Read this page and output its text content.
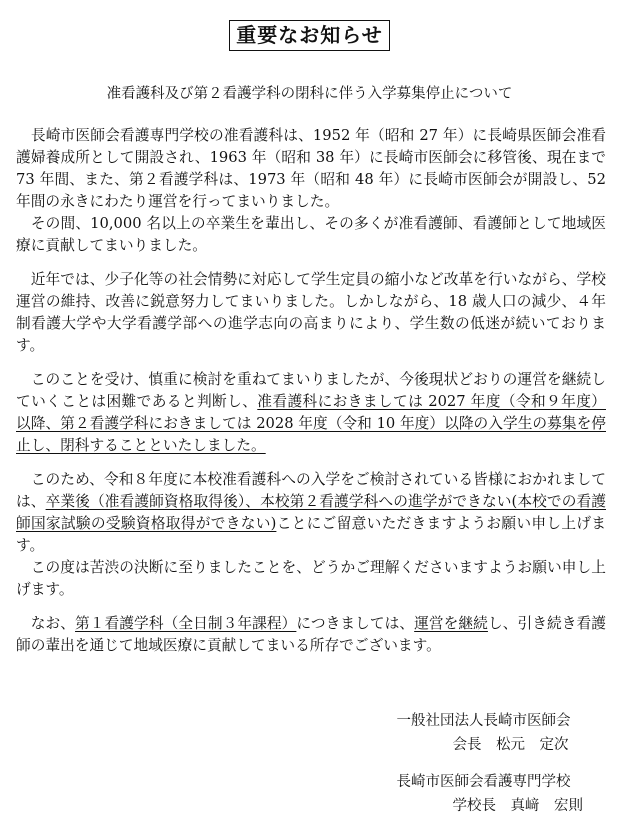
重要なお知らせ
准看護科及び第２看護学科の閉科に伴う入学募集停止について

　長崎市医師会看護専門学校の准看護科は、1952 年（昭和 27 年）に長崎県医師会准看護婦養成所として開設され、1963 年（昭和 38 年）に長崎市医師会に移管後、現在まで 73 年間、また、第２看護学科は、1973 年（昭和 48 年）に長崎市医師会が開設し、52 年間の永きにわたり運営を行ってまいりました。

　その間、10,000 名以上の卒業生を輩出し、その多くが准看護師、看護師として地域医療に貢献してまいりました。

　近年では、少子化等の社会情勢に対応して学生定員の縮小など改革を行いながら、学校運営の維持、改善に鋭意努力してまいりました。しかしながら、18 歳人口の減少、４年制看護大学や大学看護学部への進学志向の高まりにより、学生数の低迷が続いております。

　このことを受け、慎重に検討を重ねてまいりましたが、今後現状どおりの運営を継続していくことは困難であると判断し、准看護科におきましては 2027 年度（令和９年度）以降、第２看護学科におきましては 2028 年度（令和 10 年度）以降の入学生の募集を停止し、閉科することといたしました。

　このため、令和８年度に本校准看護科への入学をご検討されている皆様におかれましては、卒業後（准看護師資格取得後）、本校第２看護学科への進学ができない(本校での看護師国家試験の受験資格取得ができない)ことにご留意いただきますようお願い申し上げます。

　この度は苦渋の決断に至りましたことを、どうかご理解くださいますようお願い申し上げます。

　なお、第１看護学科（全日制３年課程）につきましては、運営を継続し、引き続き看護師の輩出を通じて地域医療に貢献してまいる所存でございます。

一般社団法人長崎市医師会
会長　松元　定次
長崎市医師会看護専門学校
学校長　真﨑　宏則
